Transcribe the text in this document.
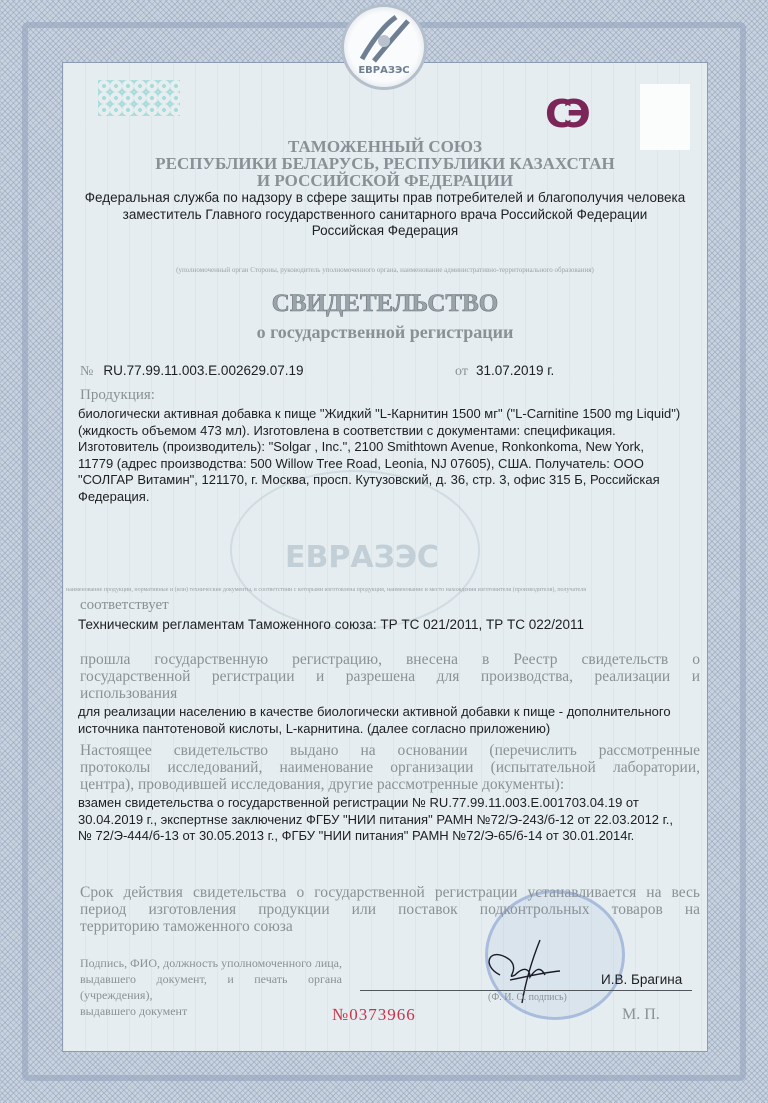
ЕВРАЗЭС
СЭ
ТАМОЖЕННЫЙ СОЮЗ
РЕСПУБЛИКИ БЕЛАРУСЬ, РЕСПУБЛИКИ КАЗАХСТАН
И РОССИЙСКОЙ ФЕДЕРАЦИИ
Федеральная служба по надзору в сфере защиты прав потребителей и благополучия человека
заместитель Главного государственного санитарного врача Российской Федерации
Российская Федерация
(уполномоченный орган Стороны, руководитель уполномоченного органа, наименование административно-территориального образования)
СВИДЕТЕЛЬСТВО
о государственной регистрации
№ RU.77.99.11.003.E.002629.07.19	от 31.07.2019 г.
ЕВРАЗЭС
Продукция:
биологически активная добавка к пище "Жидкий "L-Карнитин 1500 мг" ("L-Carnitine 1500 mg Liquid")
(жидкость объемом 473 мл). Изготовлена в соответствии с документами: спецификация.
Изготовитель (производитель): "Solgar , Inc.", 2100 Smithtown Avenue, Ronkonkoma, New York,
11779 (адрес производства: 500 Willow Tree Road, Leonia, NJ 07605), США. Получатель: ООО
"СОЛГАР Витамин", 121170, г. Москва, просп. Кутузовский, д. 36, стр. 3, офис 315 Б, Российская
Федерация.
наименование продукции, нормативные и (или) технические документы, в соответствии с которыми изготовлена продукция, наименование и место нахождения изготовителя (производителя), получателя
соответствует
Техническим регламентам Таможенного союза: ТР ТС 021/2011, ТР ТС 022/2011
прошла государственную регистрацию, внесена в Реестр свидетельств о
государственной регистрации и разрешена для производства, реализации и
использования
для реализации населению в качестве биологически активной добавки к пище - дополнительного
источника пантотеновой кислоты, L-карнитина. (далее согласно приложению)
Настоящее свидетельство выдано на основании (перечислить рассмотренные
протоколы исследований, наименование организации (испытательной лаборатории,
центра), проводившей исследования, другие рассмотренные документы):
взамен свидетельства о государственной регистрации № RU.77.99.11.003.E.001703.04.19 от
30.04.2019 г., экспертнse заключениz ФГБУ "НИИ питания" РАМН №72/Э-243/б-12 от 22.03.2012 г.,
№ 72/Э-444/б-13 от 30.05.2013 г., ФГБУ "НИИ питания" РАМН №72/Э-65/б-14 от 30.01.2014г.
Срок действия свидетельства о государственной регистрации устанавливается на весь
период изготовления продукции или поставок подконтрольных товаров на
территорию таможенного союза
Подпись, ФИО, должность уполномоченного лица,
выдавшего документ, и печать органа (учреждения),
выдавшего документ
И.В. Брагина
(Ф. И. О. подпись)
№0373966	М. П.
